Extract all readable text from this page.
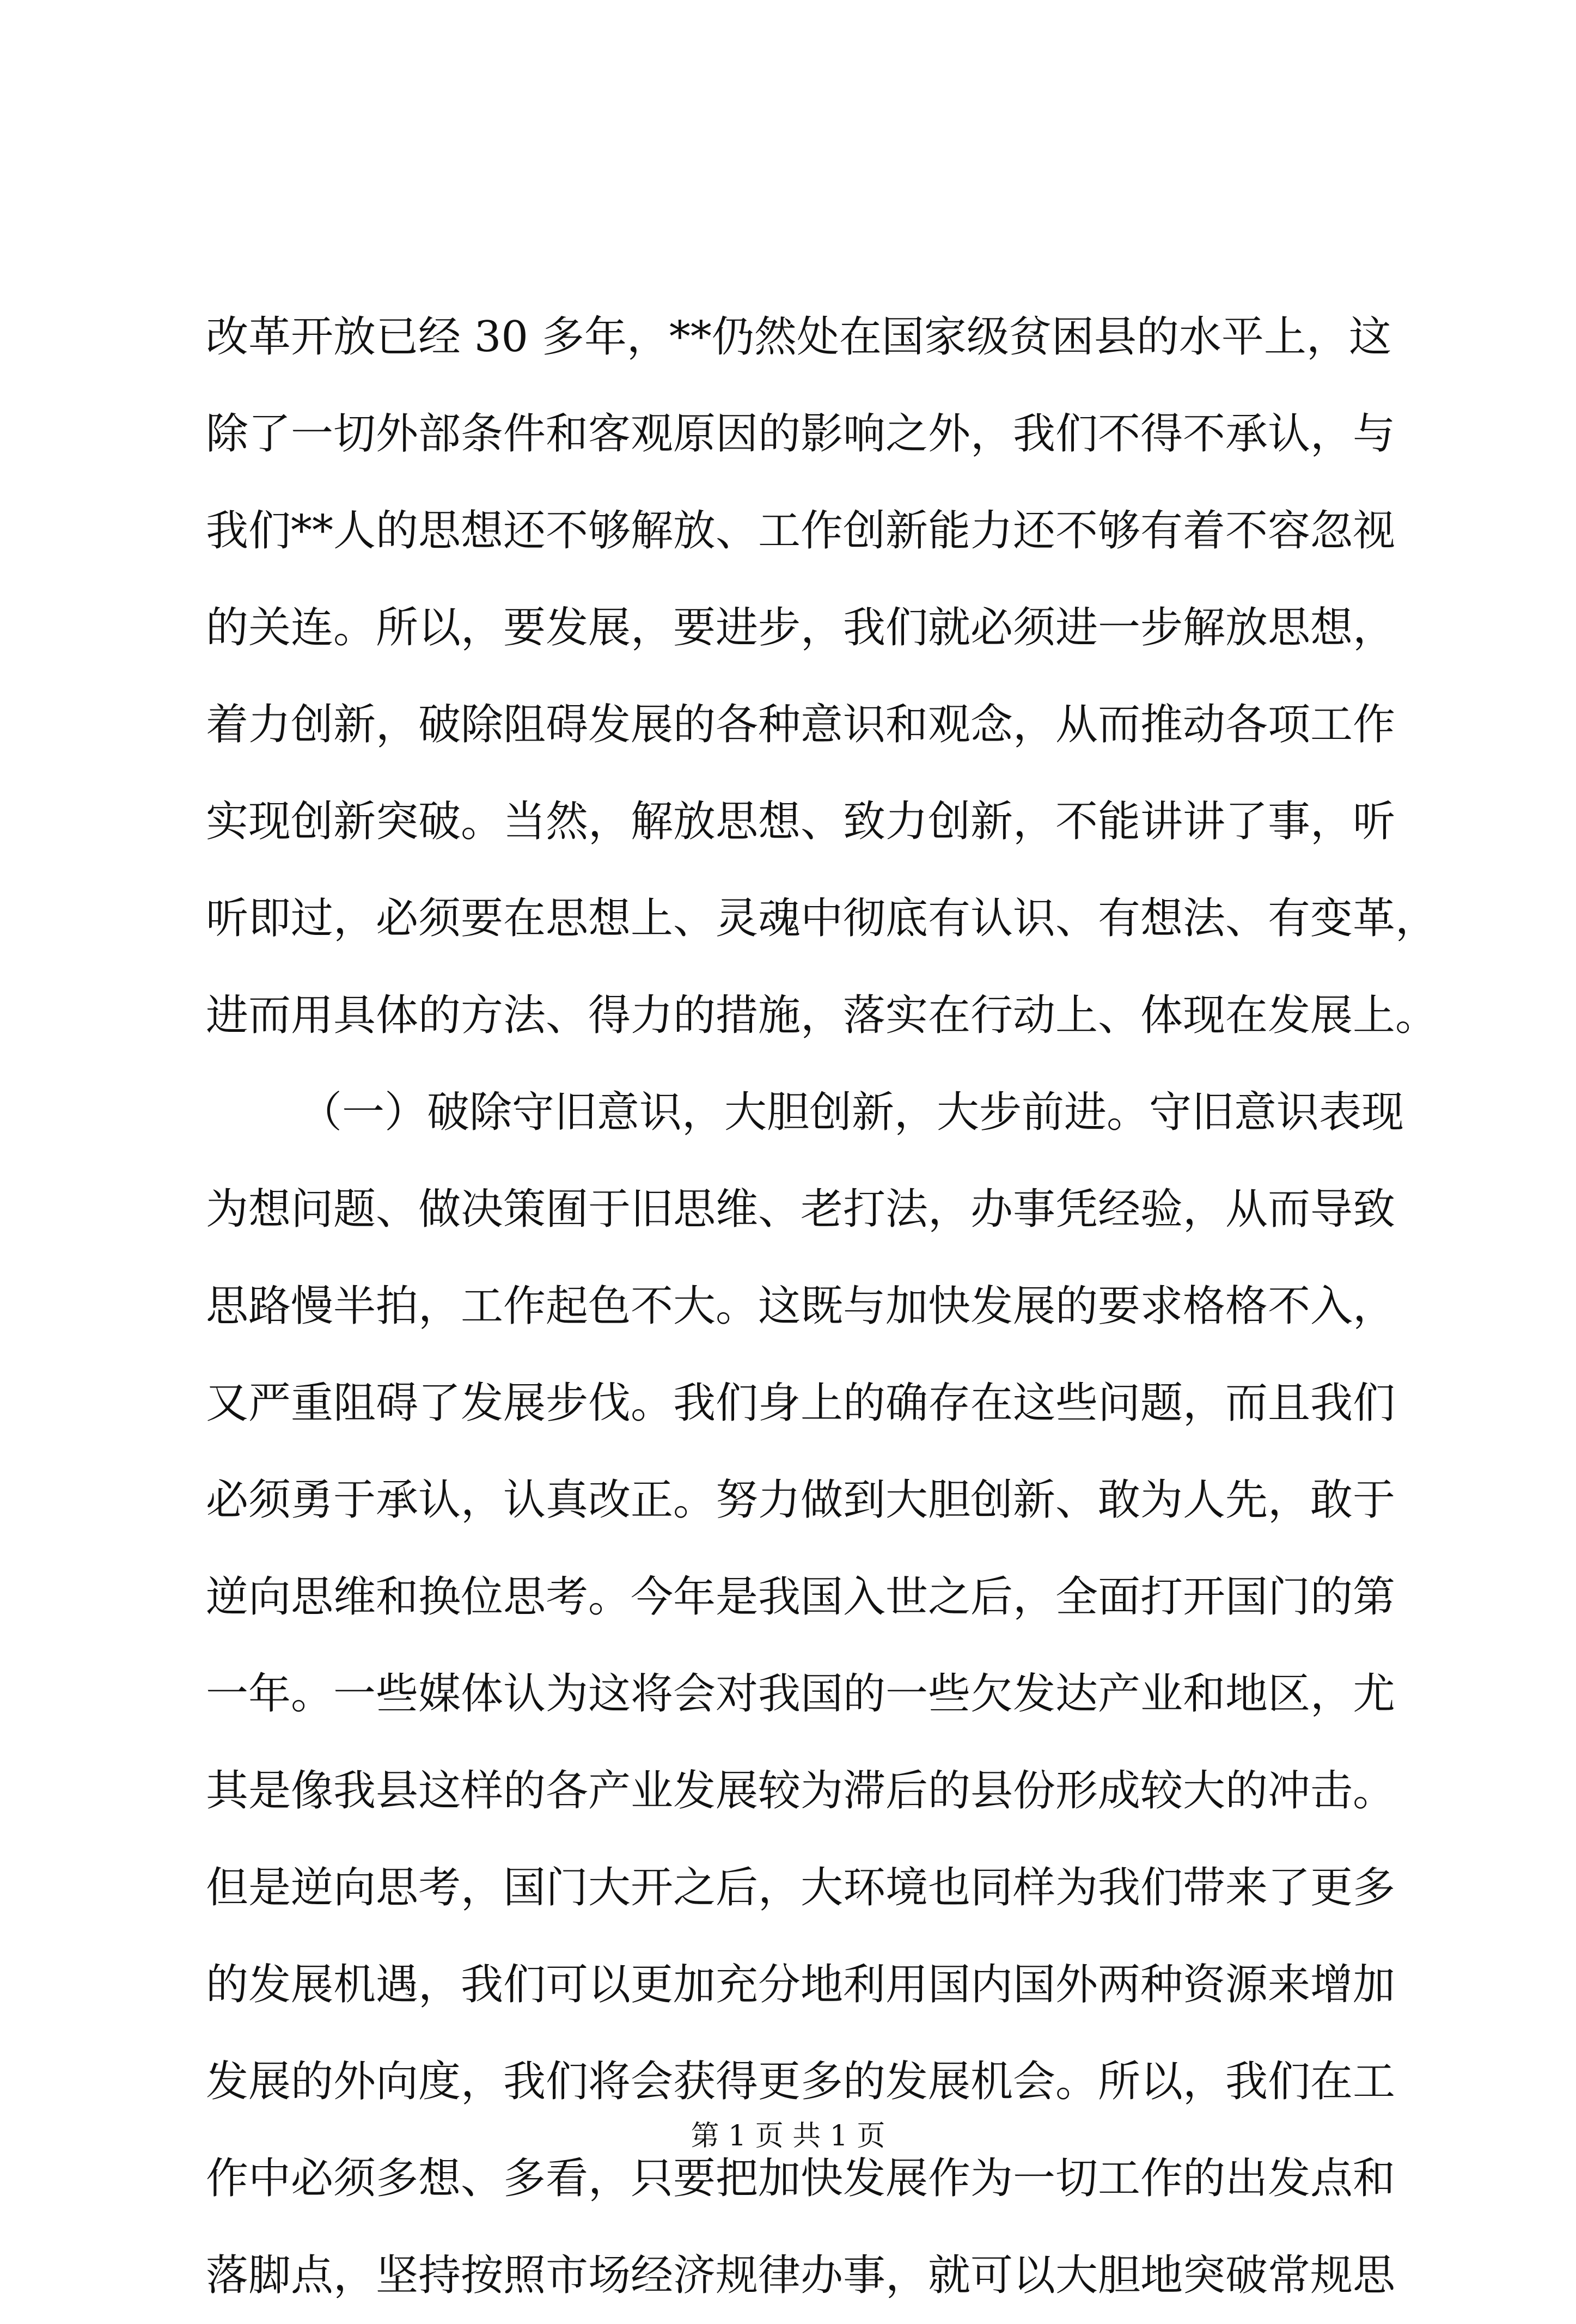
改革开放已经 30 多年，**仍然处在国家级贫困县的水平上，这
除了一切外部条件和客观原因的影响之外，我们不得不承认，与
我们**人的思想还不够解放、工作创新能力还不够有着不容忽视
的关连。所以，要发展，要进步，我们就必须进一步解放思想，
着力创新，破除阻碍发展的各种意识和观念，从而推动各项工作
实现创新突破。当然，解放思想、致力创新，不能讲讲了事，听
听即过，必须要在思想上、灵魂中彻底有认识、有想法、有变革，
进而用具体的方法、得力的措施，落实在行动上、体现在发展上。
（一）破除守旧意识，大胆创新，大步前进。守旧意识表现
为想问题、做决策囿于旧思维、老打法，办事凭经验，从而导致
思路慢半拍，工作起色不大。这既与加快发展的要求格格不入，
又严重阻碍了发展步伐。我们身上的确存在这些问题，而且我们
必须勇于承认，认真改正。努力做到大胆创新、敢为人先，敢于
逆向思维和换位思考。今年是我国入世之后，全面打开国门的第
一年。一些媒体认为这将会对我国的一些欠发达产业和地区，尤
其是像我县这样的各产业发展较为滞后的县份形成较大的冲击。
但是逆向思考，国门大开之后，大环境也同样为我们带来了更多
的发展机遇，我们可以更加充分地利用国内国外两种资源来增加
发展的外向度，我们将会获得更多的发展机会。所以，我们在工
作中必须多想、多看，只要把加快发展作为一切工作的出发点和
落脚点，坚持按照市场经济规律办事，就可以大胆地突破常规思
第 1 页 共 1 页
